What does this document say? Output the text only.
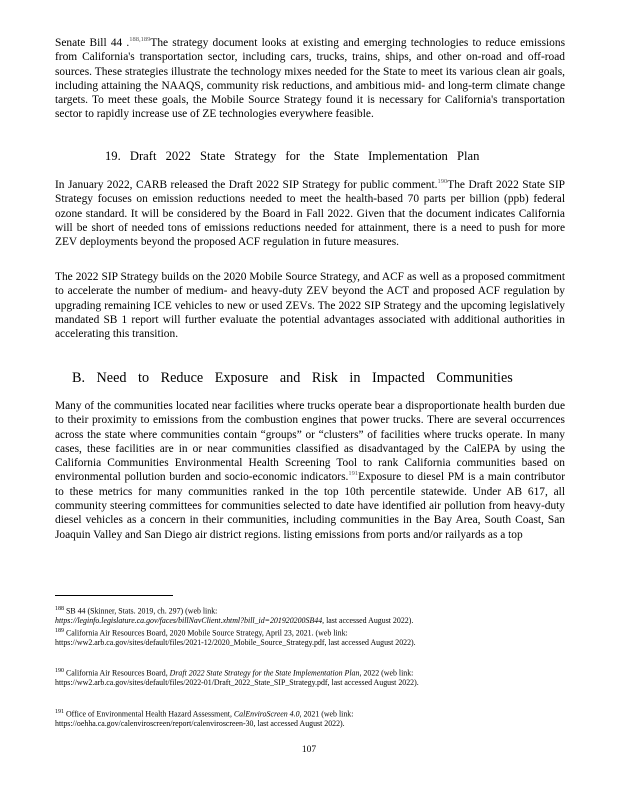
Senate Bill 44 .$^{188,189}$The strategy document looks at existing and emerging technologies to reduce emissions from California's transportation sector, including cars, trucks, trains, ships, and other on-road and off-road sources. These strategies illustrate the technology mixes needed for the State to meet its various clean air goals, including attaining the NAAQS, community risk reductions, and ambitious mid- and long-term climate change targets. To meet these goals, the Mobile Source Strategy found it is necessary for California's transportation sector to rapidly increase use of ZE technologies everywhere feasible.

19. Draft 2022 State Strategy for the State Implementation Plan

In January 2022, CARB released the Draft 2022 SIP Strategy for public comment.$^{190}$The Draft 2022 State SIP Strategy focuses on emission reductions needed to meet the health-based 70 parts per billion (ppb) federal ozone standard. It will be considered by the Board in Fall 2022. Given that the document indicates California will be short of needed tons of emissions reductions needed for attainment, there is a need to push for more ZEV deployments beyond the proposed ACF regulation in future measures.

The 2022 SIP Strategy builds on the 2020 Mobile Source Strategy, and ACF as well as a proposed commitment to accelerate the number of medium- and heavy-duty ZEV beyond the ACT and proposed ACF regulation by upgrading remaining ICE vehicles to new or used ZEVs. The 2022 SIP Strategy and the upcoming legislatively mandated SB 1 report will further evaluate the potential advantages associated with additional authorities in accelerating this transition.

B. Need to Reduce Exposure and Risk in Impacted Communities

Many of the communities located near facilities where trucks operate bear a disproportionate health burden due to their proximity to emissions from the combustion engines that power trucks. There are several occurrences across the state where communities contain “groups” or “clusters” of facilities where trucks operate. In many cases, these facilities are in or near communities classified as disadvantaged by the CalEPA by using the California Communities Environmental Health Screening Tool to rank California communities based on environmental pollution burden and socio-economic indicators.$^{191}$Exposure to diesel PM is a main contributor to these metrics for many communities ranked in the top 10th percentile statewide. Under AB 617, all community steering committees for communities selected to date have identified air pollution from heavy-duty diesel vehicles as a concern in their communities, including communities in the Bay Area, South Coast, San Joaquin Valley and San Diego air district regions. listing emissions from ports and/or railyards as a top

$^{188}$ SB 44 (Skinner, Stats. 2019, ch. 297) (web link:
https://leginfo.legislature.ca.gov/faces/billNavClient.xhtml?bill_id=201920200SB44, last accessed August 2022).

$^{189}$ California Air Resources Board, 2020 Mobile Source Strategy, April 23, 2021. (web link:
https://ww2.arb.ca.gov/sites/default/files/2021-12/2020_Mobile_Source_Strategy.pdf, last accessed August 2022).

$^{190}$ California Air Resources Board, Draft 2022 State Strategy for the State Implementation Plan, 2022 (web link:
https://ww2.arb.ca.gov/sites/default/files/2022-01/Draft_2022_State_SIP_Strategy.pdf, last accessed August 2022).

$^{191}$ Office of Environmental Health Hazard Assessment, CalEnviroScreen 4.0, 2021 (web link:
https://oehha.ca.gov/calenviroscreen/report/calenviroscreen-30, last accessed August 2022).

107
